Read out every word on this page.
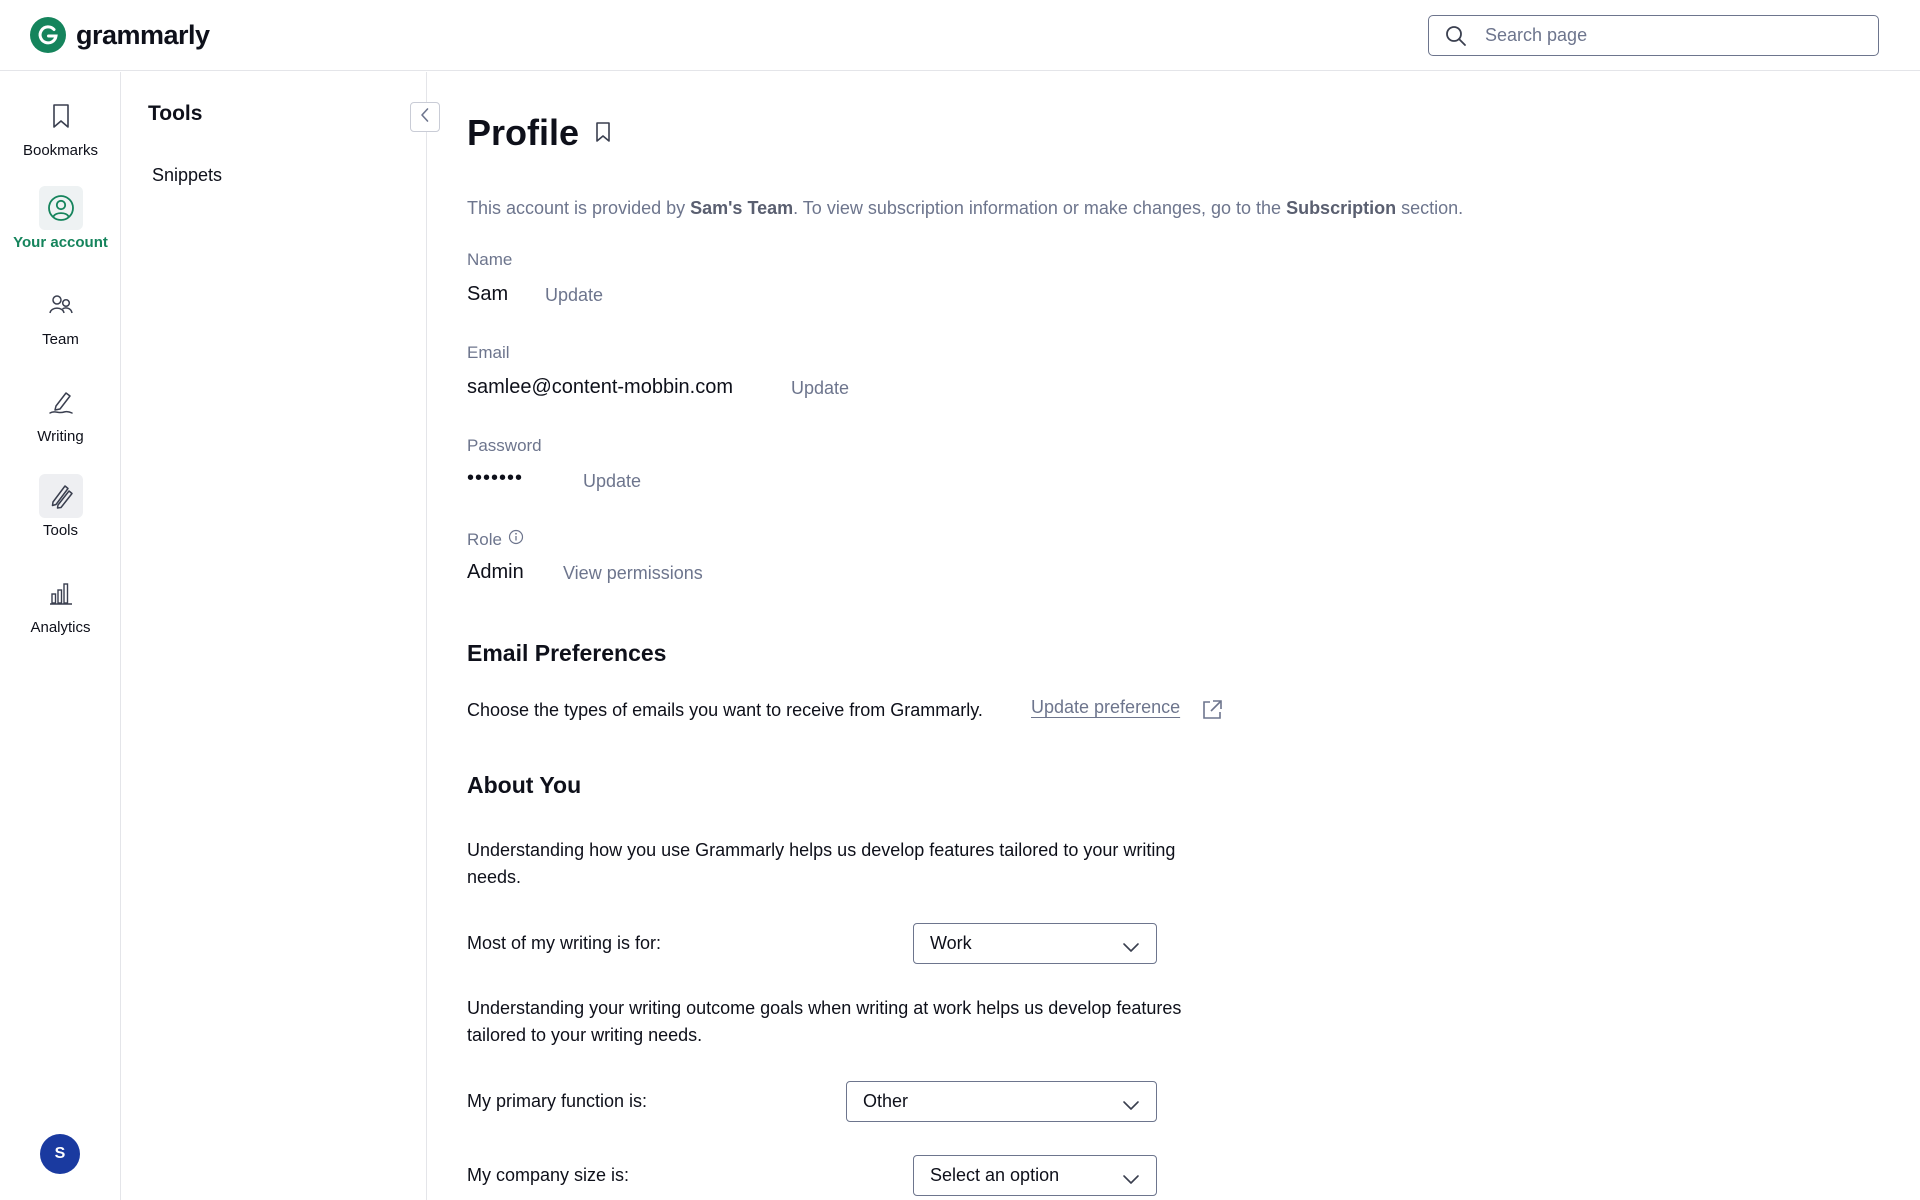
grammarly
Search page
Bookmarks
Your account
Team
Writing
Tools
Analytics
S
Tools
Snippets
Profile

This account is provided by Sam's Team. To view subscription information or make changes, go to the Subscription section.

Name
Sam Update
Email
samlee@content-mobbin.com	Update
Password
•••••••	Update
Role
Admin View permissions
Email Preferences

Choose the types of emails you want to receive from Grammarly.	Update preference
About You

Understanding how you use Grammarly helps us develop features tailored to your writing needs.

Most of my writing is for:	Work

Understanding your writing outcome goals when writing at work helps us develop features tailored to your writing needs.

My primary function is:	Other
My company size is:	Select an option
